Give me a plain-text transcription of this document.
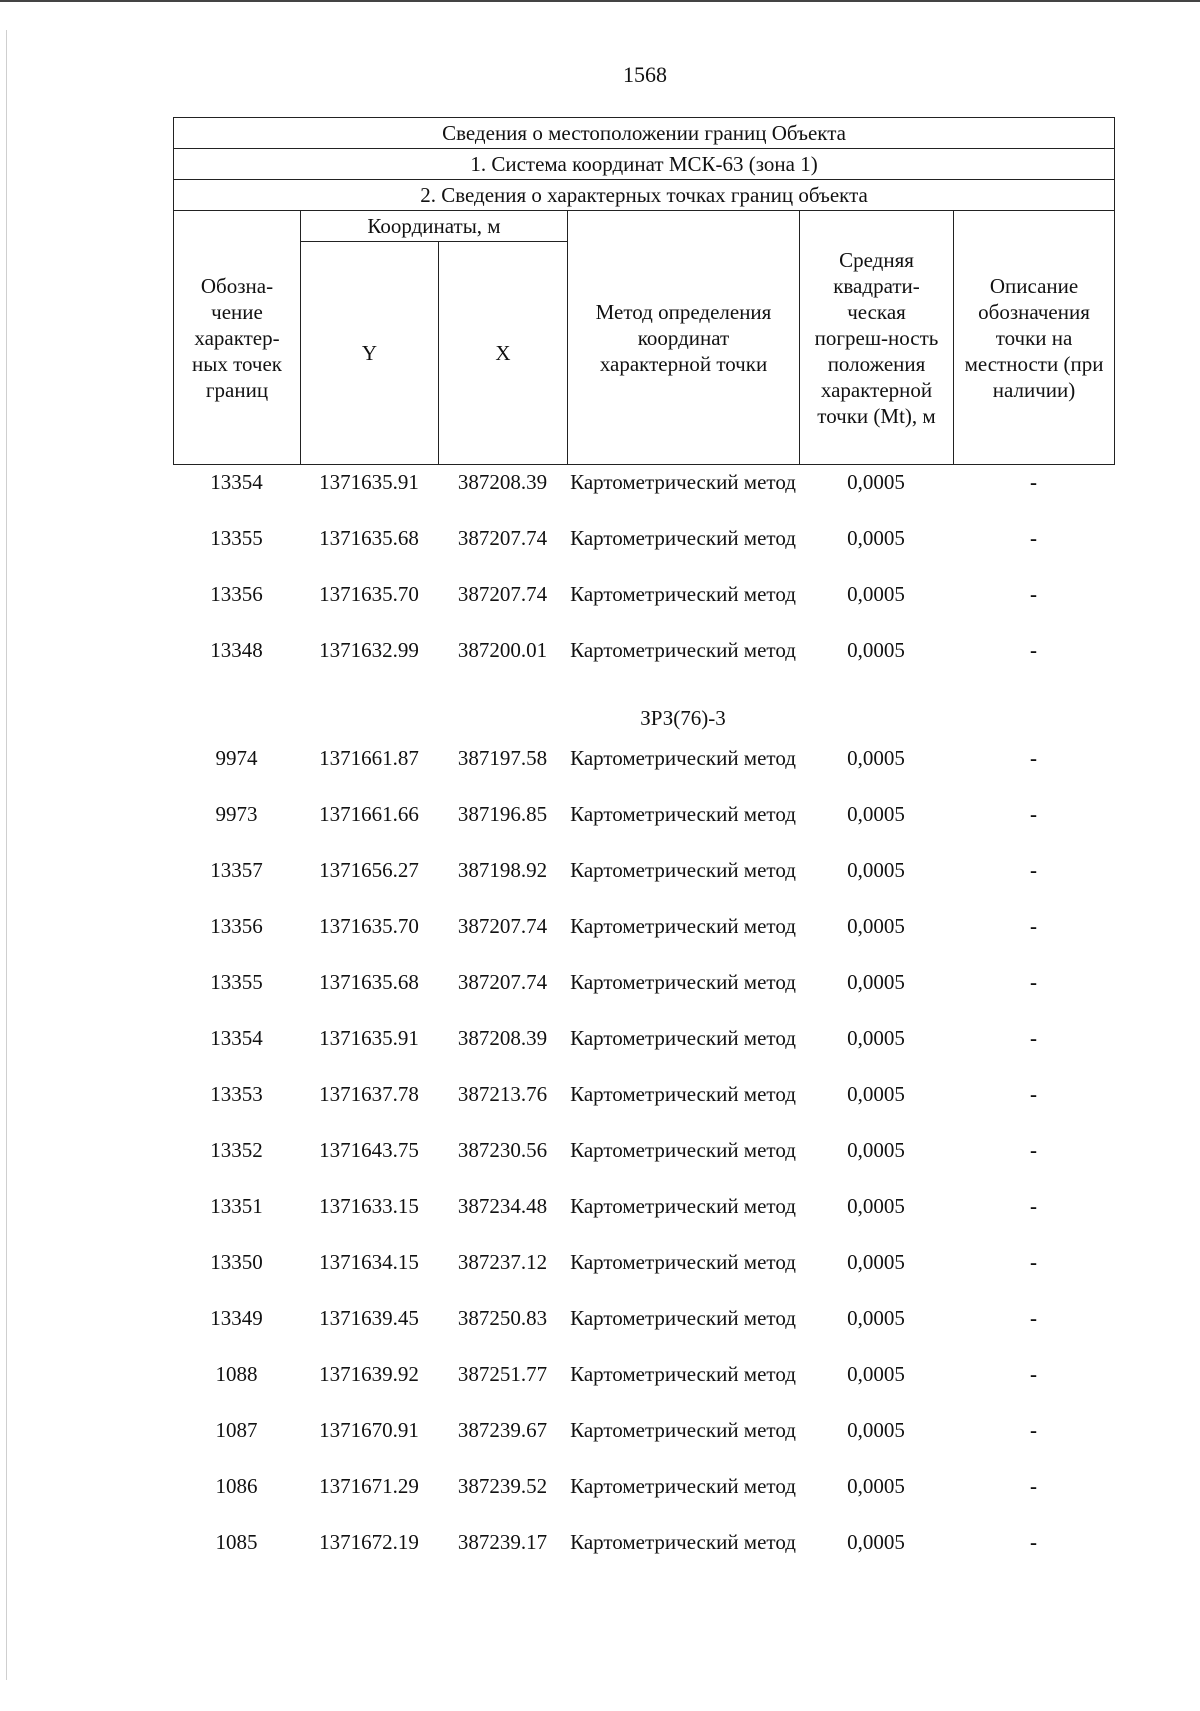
1568
Сведения о местоположении границ Объекта					
1. Система координат МСК-63 (зона 1)					
2. Сведения о характерных точках границ объекта					

Обозна-чение характер-ных точек границ	Координаты, м		Метод определения координат характерной точки	Средняя квадрати-ческая погреш-ность положения характерной точки (Mt), м	Описание обозначения точки на местности (при наличии)

	Y	X			
13354	1371635.91	387208.39	Картометрический метод	0,0005	-
13355	1371635.68	387207.74	Картометрический метод	0,0005	-
13356	1371635.70	387207.74	Картометрический метод	0,0005	-
13348	1371632.99	387200.01	Картометрический метод	0,0005	-
			ЗРЗ(76)-3		
9974	1371661.87	387197.58	Картометрический метод	0,0005	-
9973	1371661.66	387196.85	Картометрический метод	0,0005	-
13357	1371656.27	387198.92	Картометрический метод	0,0005	-
13356	1371635.70	387207.74	Картометрический метод	0,0005	-
13355	1371635.68	387207.74	Картометрический метод	0,0005	-
13354	1371635.91	387208.39	Картометрический метод	0,0005	-
13353	1371637.78	387213.76	Картометрический метод	0,0005	-
13352	1371643.75	387230.56	Картометрический метод	0,0005	-
13351	1371633.15	387234.48	Картометрический метод	0,0005	-
13350	1371634.15	387237.12	Картометрический метод	0,0005	-
13349	1371639.45	387250.83	Картометрический метод	0,0005	-
1088	1371639.92	387251.77	Картометрический метод	0,0005	-
1087	1371670.91	387239.67	Картометрический метод	0,0005	-
1086	1371671.29	387239.52	Картометрический метод	0,0005	-
1085	1371672.19	387239.17	Картометрический метод	0,0005	-
